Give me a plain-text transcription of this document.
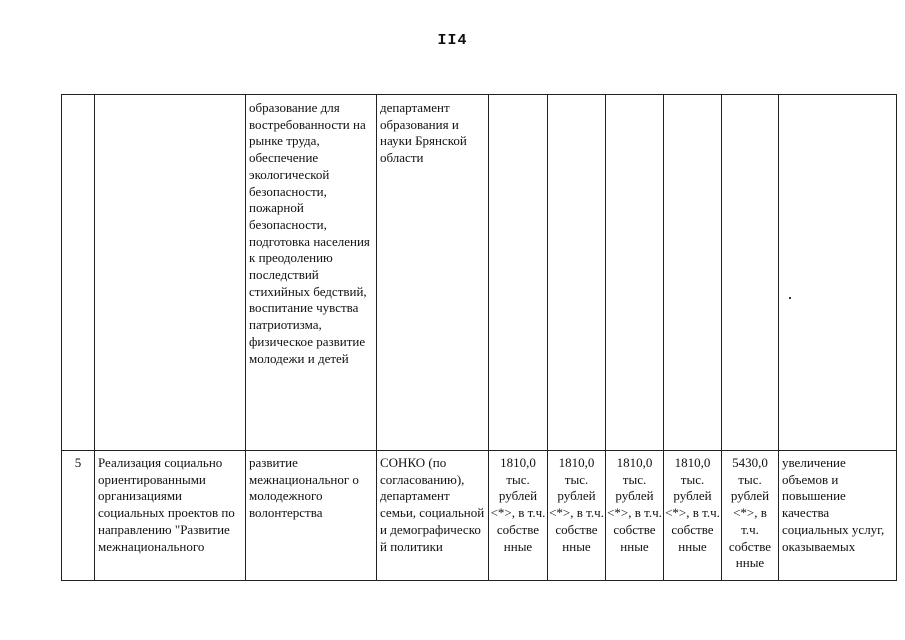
II4
		образование для востребованности на рынке труда, обеспечение экологической безопасности, пожарной безопасности, подготовка населения к преодолению последствий стихийных бедствий, воспитание чувства патриотизма, физическое развитие молодежи и детей	департамент образования и науки Брянской области						
5	Реализация социально ориентированными организациями социальных проектов по направлению "Развитие межнационального	развитие межнациональног о молодежного волонтерства	СОНКО (по согласованию), департамент семьи, социальной и демографическо й политики	1810,0 тыс. рублей <*>, в т.ч. собстве нные	1810,0 тыс. рублей <*>, в т.ч. собстве нные	1810,0 тыс. рублей <*>, в т.ч. собстве нные	1810,0 тыс. рублей <*>, в т.ч. собстве нные	5430,0 тыс. рублей <*>, в т.ч. собстве нные	увеличение объемов и повышение качества социальных услуг, оказываемых
